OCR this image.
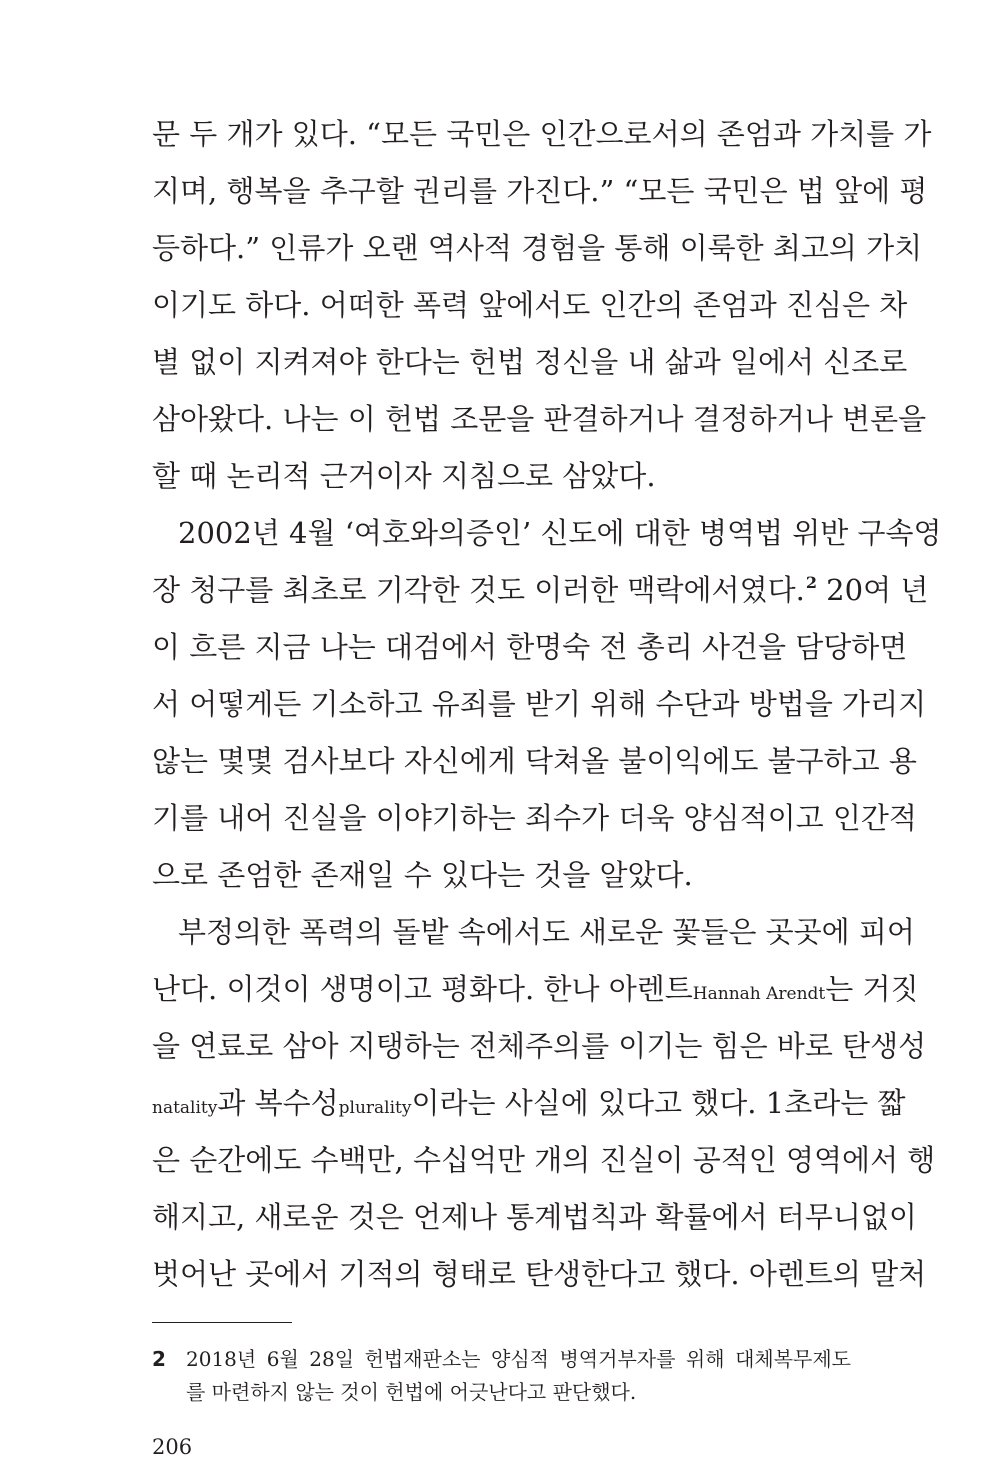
문 두 개가 있다. “모든 국민은 인간으로서의 존엄과 가치를 가
지며, 행복을 추구할 권리를 가진다.” “모든 국민은 법 앞에 평
등하다.” 인류가 오랜 역사적 경험을 통해 이룩한 최고의 가치
이기도 하다. 어떠한 폭력 앞에서도 인간의 존엄과 진심은 차
별 없이 지켜져야 한다는 헌법 정신을 내 삶과 일에서 신조로
삼아왔다. 나는 이 헌법 조문을 판결하거나 결정하거나 변론을
할 때 논리적 근거이자 지침으로 삼았다.
2002년 4월 ‘여호와의증인’ 신도에 대한 병역법 위반 구속영
장 청구를 최초로 기각한 것도 이러한 맥락에서였다.$^2$ 20여 년
이 흐른 지금 나는 대검에서 한명숙 전 총리 사건을 담당하면
서 어떻게든 기소하고 유죄를 받기 위해 수단과 방법을 가리지
않는 몇몇 검사보다 자신에게 닥쳐올 불이익에도 불구하고 용
기를 내어 진실을 이야기하는 죄수가 더욱 양심적이고 인간적
으로 존엄한 존재일 수 있다는 것을 알았다.
부정의한 폭력의 돌밭 속에서도 새로운 꽃들은 곳곳에 피어
난다. 이것이 생명이고 평화다. 한나 아렌트Hannah Arendt는 거짓
을 연료로 삼아 지탱하는 전체주의를 이기는 힘은 바로 탄생성
natality과 복수성plurality이라는 사실에 있다고 했다. 1초라는 짧
은 순간에도 수백만, 수십억만 개의 진실이 공적인 영역에서 행
해지고, 새로운 것은 언제나 통계법칙과 확률에서 터무니없이
벗어난 곳에서 기적의 형태로 탄생한다고 했다. 아렌트의 말처
2 2018년 6월 28일 헌법재판소는 양심적 병역거부자를 위해 대체복무제도
를 마련하지 않는 것이 헌법에 어긋난다고 판단했다.
206
